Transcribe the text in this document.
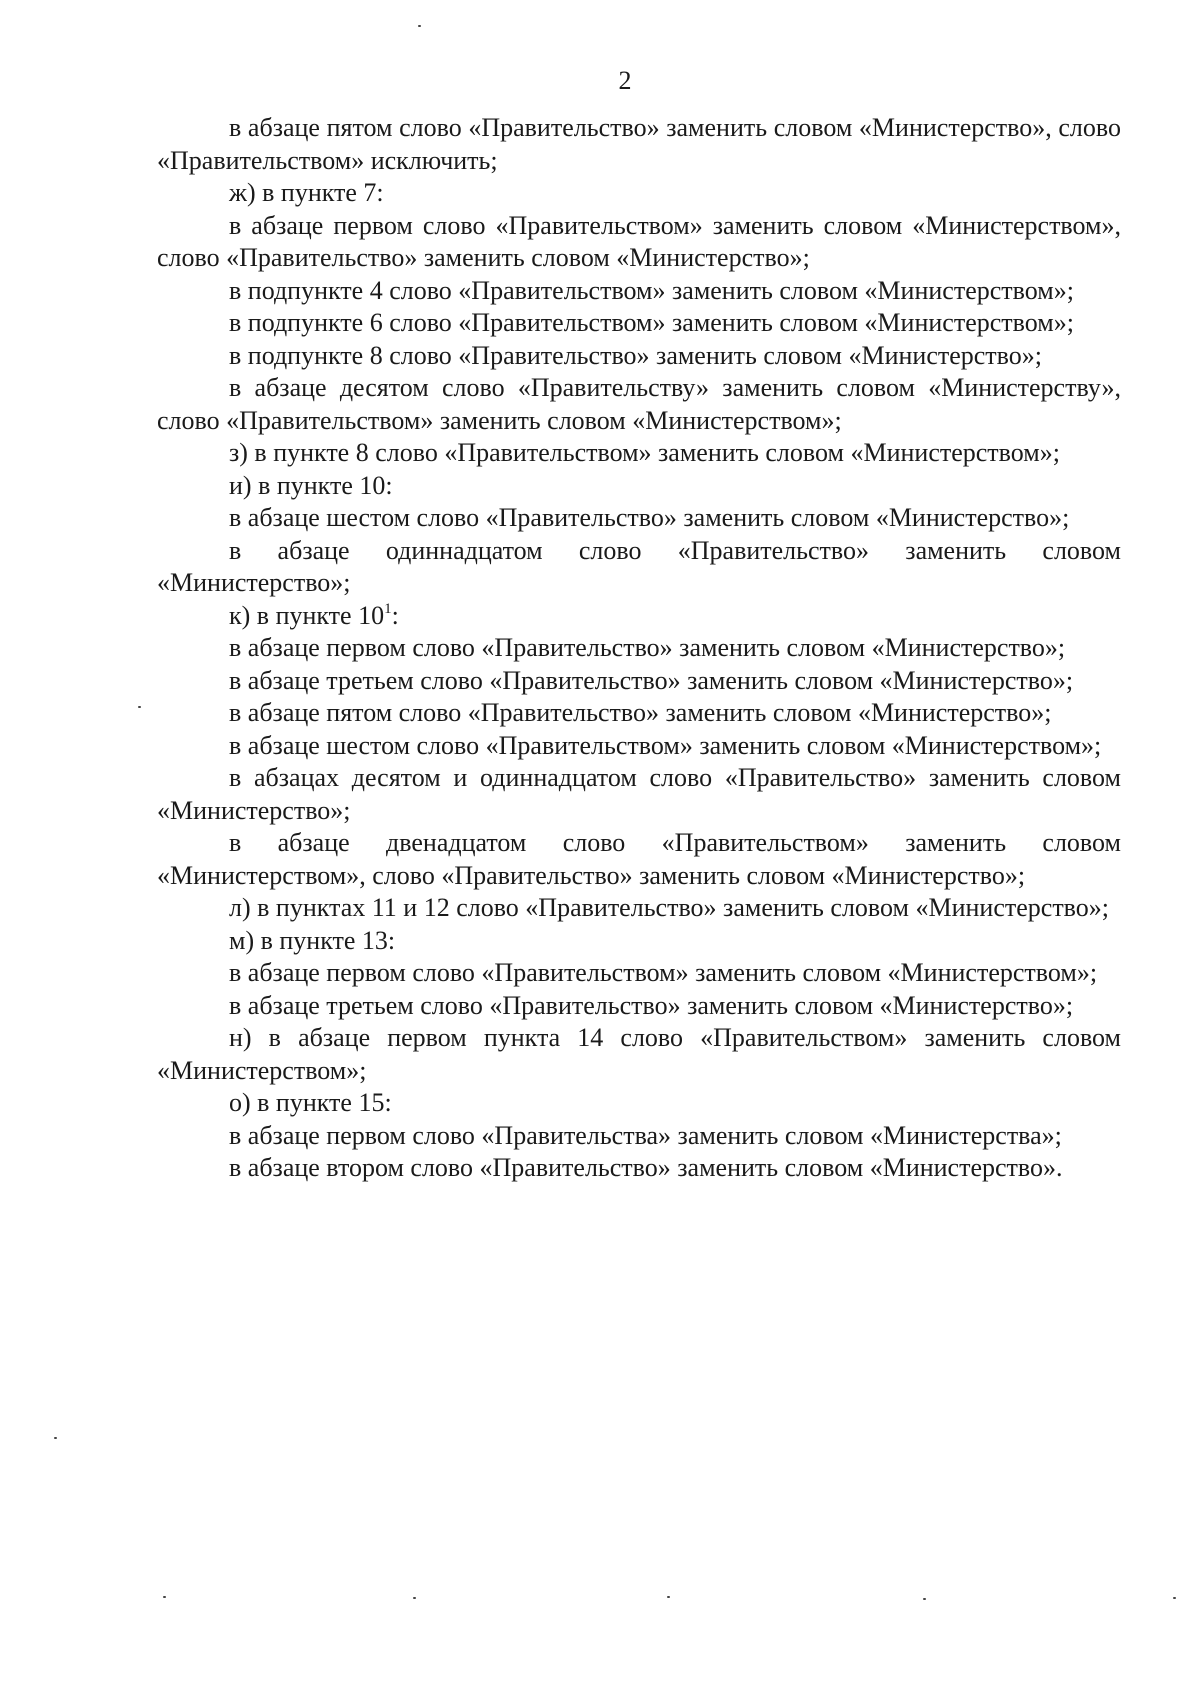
2

в абзаце пятом слово «Правительство» заменить словом «Министерство», слово «Правительством» исключить;

ж) в пункте 7:

в абзаце первом слово «Правительством» заменить словом «Министерством», слово «Правительство» заменить словом «Министерство»;

в подпункте 4 слово «Правительством» заменить словом «Министерством»;

в подпункте 6 слово «Правительством» заменить словом «Министерством»;

в подпункте 8 слово «Правительство» заменить словом «Министерство»;

в абзаце десятом слово «Правительству» заменить словом «Министерству», слово «Правительством» заменить словом «Министерством»;

з) в пункте 8 слово «Правительством» заменить словом «Министерством»;

и) в пункте 10:

в абзаце шестом слово «Правительство» заменить словом «Министерство»;

в абзаце одиннадцатом слово «Правительство» заменить словом «Министерство»;

к) в пункте $10^1$:

в абзаце первом слово «Правительство» заменить словом «Министерство»;

в абзаце третьем слово «Правительство» заменить словом «Министерство»;

в абзаце пятом слово «Правительство» заменить словом «Министерство»;

в абзаце шестом слово «Правительством» заменить словом «Министерством»;

в абзацах десятом и одиннадцатом слово «Правительство» заменить словом «Министерство»;

в абзаце двенадцатом слово «Правительством» заменить словом «Министерством», слово «Правительство» заменить словом «Министерство»;

л) в пунктах 11 и 12 слово «Правительство» заменить словом «Министерство»;

м) в пункте 13:

в абзаце первом слово «Правительством» заменить словом «Министерством»;

в абзаце третьем слово «Правительство» заменить словом «Министерство»;

н) в абзаце первом пункта 14 слово «Правительством» заменить словом «Министерством»;

о) в пункте 15:

в абзаце первом слово «Правительства» заменить словом «Министерства»;

в абзаце втором слово «Правительство» заменить словом «Министерство».
